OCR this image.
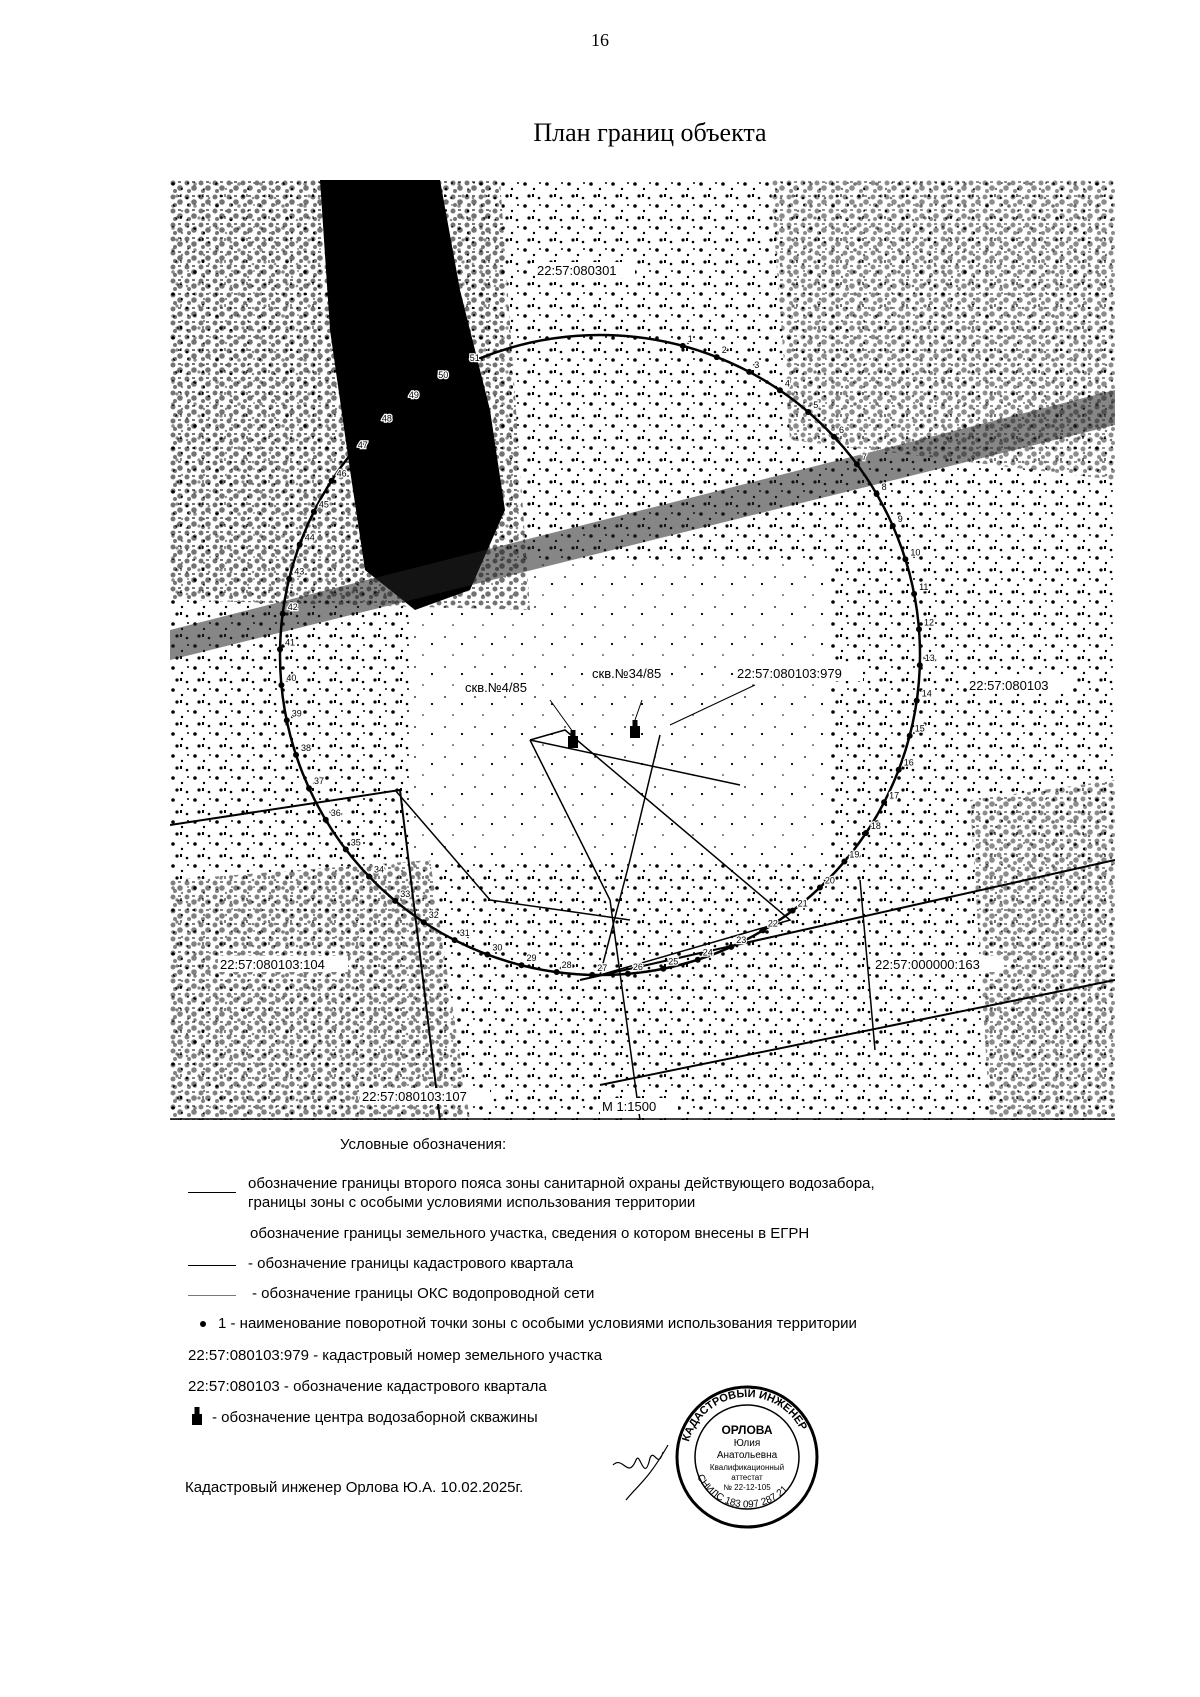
16
План границ объекта
1
2
3
4
5
6
7
8
9
10
11
12
13
14
15
16
17
18
19
20
21
22
23
24
25
26
27
28
29
30
31
32
33
34
35
36
37
38
39
40
41
42
43
44
45
46
47
48
49
50
51
22:57:080301
22:57:080103:979
22:57:080103
скв.№4/85
скв.№34/85
22:57:080103:104	22:57:000000:163
22:57:080103:107
М 1:1500
Условные обозначения:
обозначение границы второго пояса зоны санитарной охраны действующего водозабора,
границы зоны с особыми условиями использования территории
обозначение границы земельного участка, сведения о котором внесены в ЕГРН
- обозначение границы кадастрового квартала
- обозначение границы ОКС водопроводной сети
1 - наименование поворотной точки зоны с особыми условиями использования территории
22:57:080103:979 - кадастровый номер земельного участка
22:57:080103 - обозначение кадастрового квартала
- обозначение центра водозаборной скважины
Кадастровый инженер Орлова Ю.А. 10.02.2025г.
КАДАСТРОВЫЙ ИНЖЕНЕР
СНИЛС 183 097 287 21
ОРЛОВА
Юлия
Анатольевна
Квалификационный
аттестат
№ 22-12-105
